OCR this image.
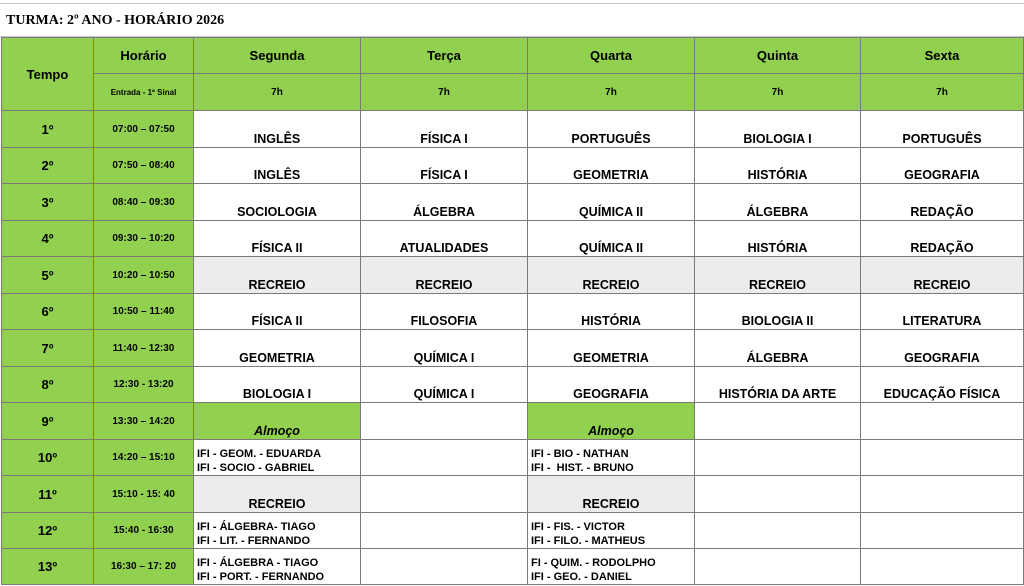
TURMA: 2º ANO - HORÁRIO 2026
Tempo	Horário	Segunda	Terça	Quarta	Quinta	Sexta
	Entrada - 1º Sinal	7h	7h	7h	7h	7h
1º	07:00 – 07:50	INGLÊS	FÍSICA I	PORTUGUÊS	BIOLOGIA I	PORTUGUÊS

2º	07:50 – 08:40	INGLÊS	FÍSICA I	GEOMETRIA	HISTÓRIA	GEOGRAFIA

3º	08:40 – 09:30	SOCIOLOGIA	ÁLGEBRA	QUÍMICA II	ÁLGEBRA	REDAÇÃO

4º	09:30 – 10:20	FÍSICA II	ATUALIDADES	QUÍMICA II	HISTÓRIA	REDAÇÃO

5º	10:20 – 10:50	RECREIO	RECREIO	RECREIO	RECREIO	RECREIO

6º	10:50 – 11:40	FÍSICA II	FILOSOFIA	HISTÓRIA	BIOLOGIA II	LITERATURA

7º	11:40 – 12:30	GEOMETRIA	QUÍMICA I	GEOMETRIA	ÁLGEBRA	GEOGRAFIA

8º	12:30 - 13:20	BIOLOGIA I	QUÍMICA I	GEOGRAFIA	HISTÓRIA DA ARTE	EDUCAÇÃO FÍSICA

9º	13:30 – 14:20	Almoço		Almoço		

10º	14:20 – 15:10	IFI - GEOM. - EDUARDA
IFI - SOCIO - GABRIEL		IFI - BIO - NATHAN
IFI -  HIST. - BRUNO		

11º	15:10 - 15: 40	RECREIO		RECREIO		

12º	15:40 - 16:30	IFI - ÁLGEBRA- TIAGO
IFI - LIT. - FERNANDO		IFI - FIS. - VICTOR
IFI - FILO. - MATHEUS		

13º	16:30 – 17: 20	IFI - ÁLGEBRA - TIAGO
IFI - PORT. - FERNANDO		FI - QUIM. - RODOLPHO
IFI - GEO. - DANIEL		
